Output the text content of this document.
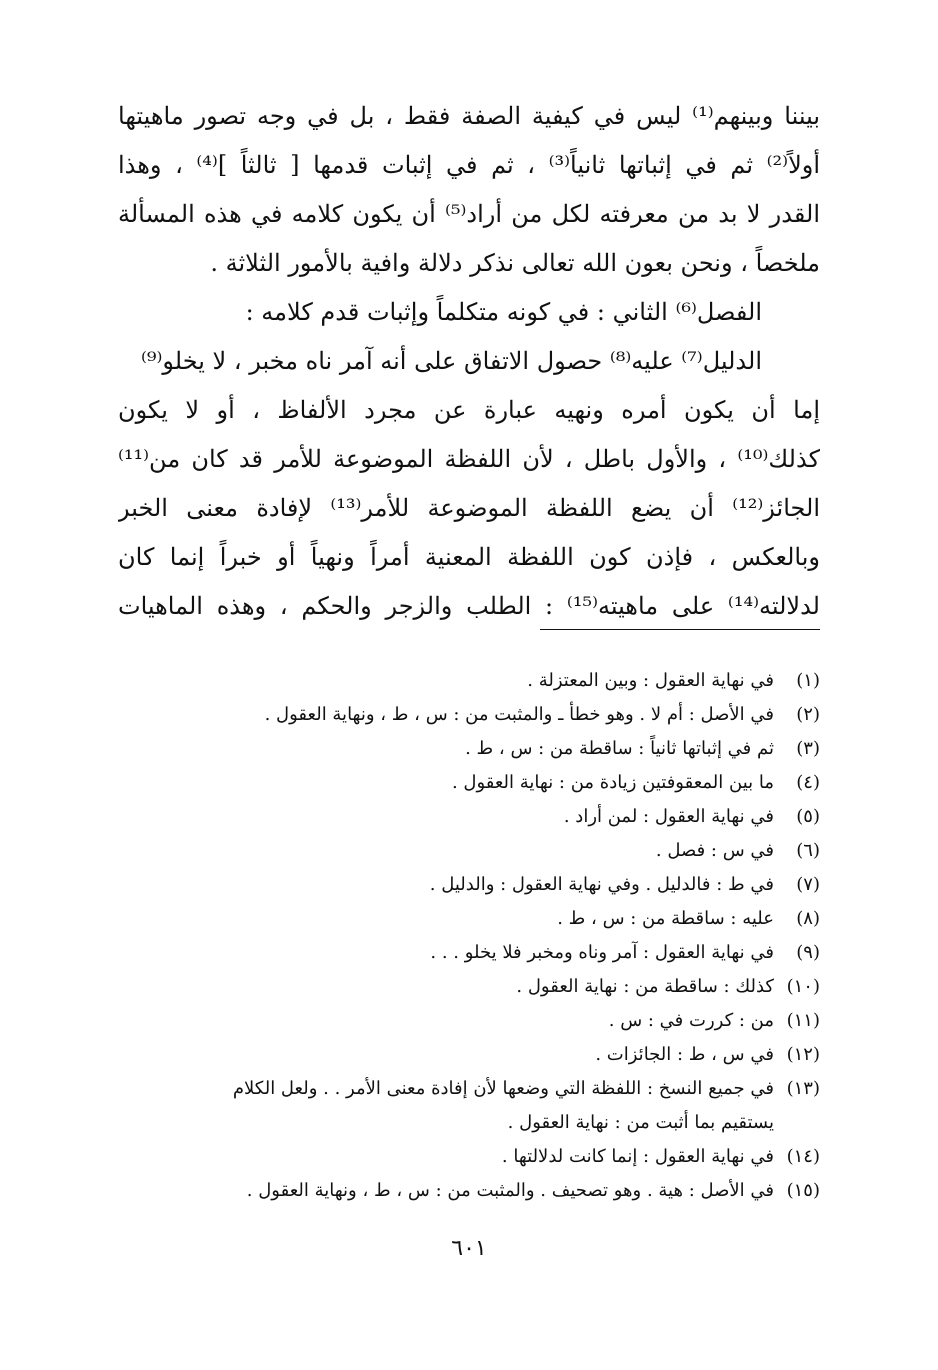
بيننا وبينهم⁽¹⁾ ليس في كيفية الصفة فقط ، بل في وجه تصور ماهيتها
أولاً⁽²⁾ ثم في إثباتها ثانياً⁽³⁾ ، ثم في إثبات قدمها [ ثالثاً ]⁽⁴⁾ ، وهذا
القدر لا بد من معرفته لكل من أراد⁽⁵⁾ أن يكون كلامه في هذه المسألة
ملخصاً ، ونحن بعون الله تعالى نذكر دلالة وافية بالأمور الثلاثة .
الفصل⁽⁶⁾ الثاني : في كونه متكلماً وإثبات قدم كلامه :
الدليل⁽⁷⁾ عليه⁽⁸⁾ حصول الاتفاق على أنه آمر ناه مخبر ، لا يخلو⁽⁹⁾
إما أن يكون أمره ونهيه عبارة عن مجرد الألفاظ ، أو لا يكون
كذلك⁽¹⁰⁾ ، والأول باطل ، لأن اللفظة الموضوعة للأمر قد كان من⁽¹¹⁾
الجائز⁽¹²⁾ أن يضع اللفظة الموضوعة للأمر⁽¹³⁾ لإفادة معنى الخبر
وبالعكس ، فإذن كون اللفظة المعنية أمراً ونهياً أو خبراً إنما كان
لدلالته⁽¹⁴⁾ على ماهيته⁽¹⁵⁾ : الطلب والزجر والحكم ، وهذه الماهيات
(١)
في نهاية العقول : وبين المعتزلة .
(٢)
في الأصل : أم لا . وهو خطأ ـ والمثبت من : س ، ط ، ونهاية العقول .
(٣)
ثم في إثباتها ثانياً : ساقطة من : س ، ط .
(٤)
ما بين المعقوفتين زيادة من : نهاية العقول .
(٥)
في نهاية العقول : لمن أراد .
(٦)
في س : فصل .
(٧)
في ط : فالدليل . وفي نهاية العقول : والدليل .
(٨)
عليه : ساقطة من : س ، ط .
(٩)
في نهاية العقول : آمر وناه ومخبر فلا يخلو . . .
(١٠)
كذلك : ساقطة من : نهاية العقول .
(١١)
من : كررت في : س .
(١٢)
في س ، ط : الجائزات .
(١٣)
في جميع النسخ : اللفظة التي وضعها لأن إفادة معنى الأمر . . ولعل الكلام
يستقيم بما أثبت من : نهاية العقول .
(١٤)
في نهاية العقول : إنما كانت لدلالتها .
(١٥)
في الأصل : هية . وهو تصحيف . والمثبت من : س ، ط ، ونهاية العقول .
٦٠١
